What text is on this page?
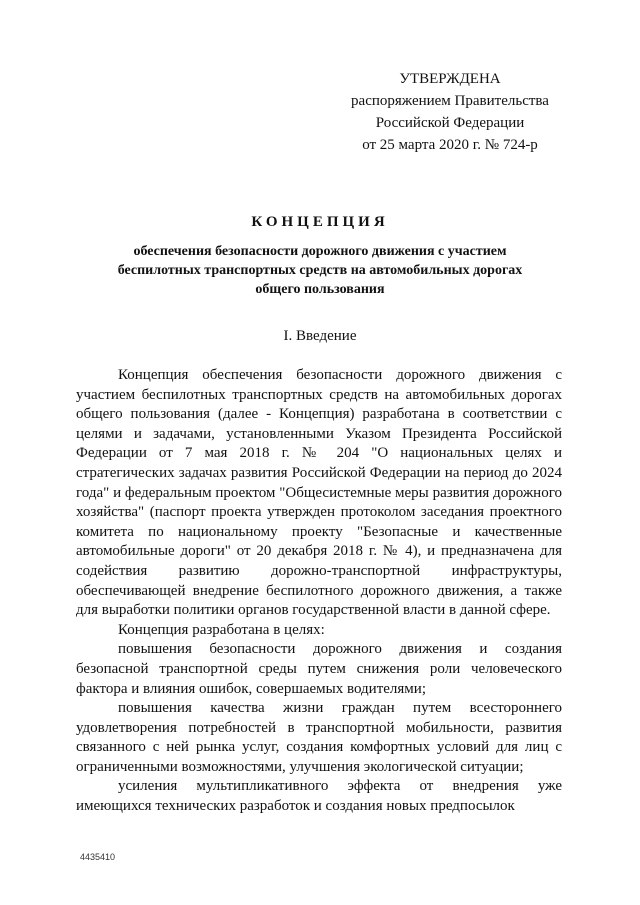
УТВЕРЖДЕНА
распоряжением Правительства
Российской Федерации
от 25 марта 2020 г. № 724-р
КОНЦЕПЦИЯ
обеспечения безопасности дорожного движения с участием беспилотных транспортных средств на автомобильных дорогах общего пользования
I. Введение

Концепция обеспечения безопасности дорожного движения с участием беспилотных транспортных средств на автомобильных дорогах общего пользования (далее - Концепция) разработана в соответствии с целями и задачами, установленными Указом Президента Российской Федерации от 7 мая 2018 г. № 204 "О национальных целях и стратегических задачах развития Российской Федерации на период до 2024 года" и федеральным проектом "Общесистемные меры развития дорожного хозяйства" (паспорт проекта утвержден протоколом заседания проектного комитета по национальному проекту "Безопасные и качественные автомобильные дороги" от 20 декабря 2018 г. № 4), и предназначена для содействия развитию дорожно-транспортной инфраструктуры, обеспечивающей внедрение беспилотного дорожного движения, а также для выработки политики органов государственной власти в данной сфере.

Концепция разработана в целях:

повышения безопасности дорожного движения и создания безопасной транспортной среды путем снижения роли человеческого фактора и влияния ошибок, совершаемых водителями;

повышения качества жизни граждан путем всестороннего удовлетворения потребностей в транспортной мобильности, развития связанного с ней рынка услуг, создания комфортных условий для лиц с ограниченными возможностями, улучшения экологической ситуации;

усиления мультипликативного эффекта от внедрения уже имеющихся технических разработок и создания новых предпосылок

4435410
